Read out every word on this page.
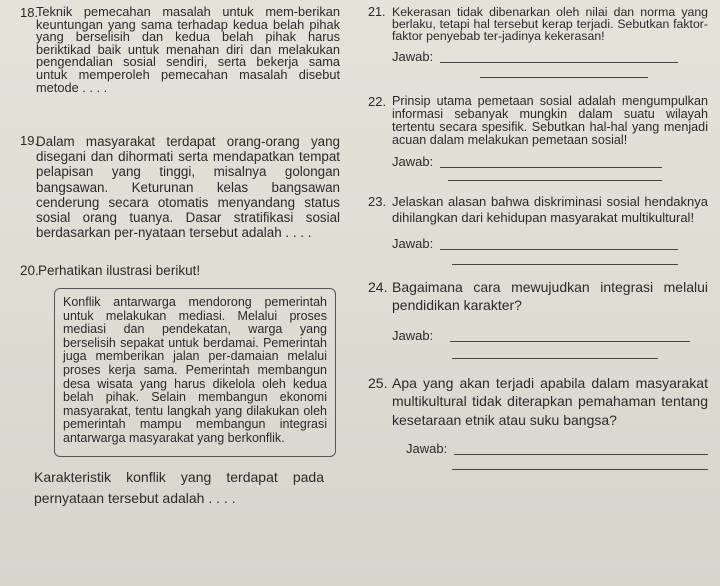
18.
Teknik pemecahan masalah untuk mem-berikan keuntungan yang sama terhadap kedua belah pihak yang berselisih dan kedua belah pihak harus beriktikad baik untuk menahan diri dan melakukan pengendalian sosial sendiri, serta bekerja sama untuk memperoleh pemecahan masalah disebut metode . . . .
19.
Dalam masyarakat terdapat orang-orang yang disegani dan dihormati serta mendapatkan tempat pelapisan yang tinggi, misalnya golongan bangsawan. Keturunan kelas bangsawan cenderung secara otomatis menyandang status sosial orang tuanya. Dasar stratifikasi sosial berdasarkan per-nyataan tersebut adalah . . . .
20. Perhatikan ilustrasi berikut!
Konflik antarwarga mendorong pemerintah untuk melakukan mediasi. Melalui proses mediasi dan pendekatan, warga yang berselisih sepakat untuk berdamai. Pemerintah juga memberikan jalan per-damaian melalui proses kerja sama. Pemerintah membangun desa wisata yang harus dikelola oleh kedua belah pihak. Selain membangun ekonomi masyarakat, tentu langkah yang dilakukan oleh pemerintah mampu membangun integrasi antarwarga masyarakat yang berkonflik.
Karakteristik konflik yang terdapat pada pernyataan tersebut adalah . . . .
21. Kekerasan tidak dibenarkan oleh nilai dan norma yang berlaku, tetapi hal tersebut kerap terjadi. Sebutkan faktor-faktor penyebab ter-jadinya kekerasan!
Jawab:
22. Prinsip utama pemetaan sosial adalah mengumpulkan informasi sebanyak mungkin dalam suatu wilayah tertentu secara spesifik. Sebutkan hal-hal yang menjadi acuan dalam melakukan pemetaan sosial!
Jawab:
23. Jelaskan alasan bahwa diskriminasi sosial hendaknya dihilangkan dari kehidupan masyarakat multikultural!
Jawab:
24. Bagaimana cara mewujudkan integrasi melalui pendidikan karakter?
Jawab:
25. Apa yang akan terjadi apabila dalam masyarakat multikultural tidak diterapkan pemahaman tentang kesetaraan etnik atau suku bangsa?
Jawab:
